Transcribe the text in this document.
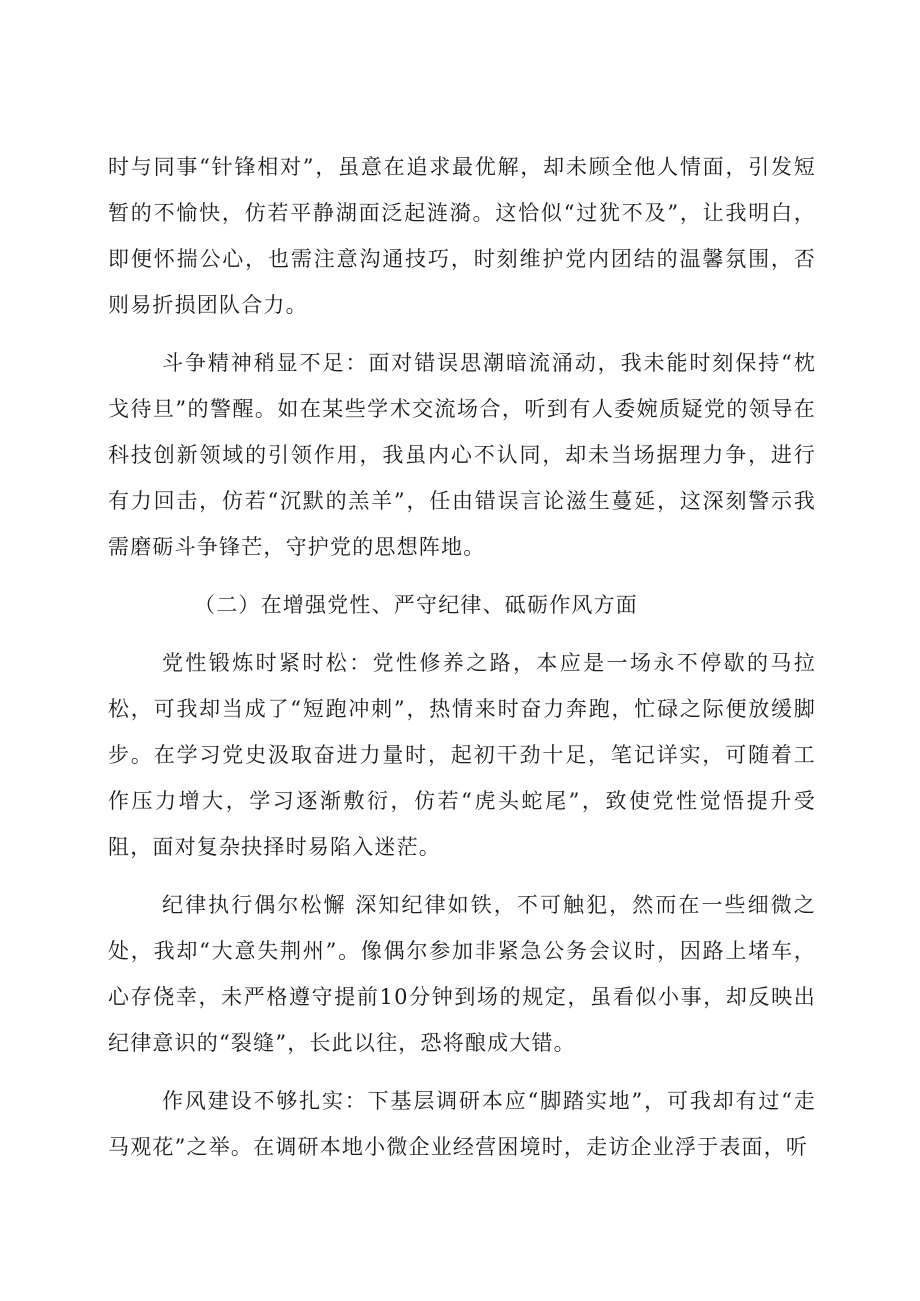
时与同事“针锋相对”，虽意在追求最优解，却未顾全他人情面，引发短暂的不愉快，仿若平静湖面泛起涟漪。这恰似“过犹不及”，让我明白，即便怀揣公心，也需注意沟通技巧，时刻维护党内团结的温馨氛围，否则易折损团队合力。

斗争精神稍显不足：面对错误思潮暗流涌动，我未能时刻保持“枕戈待旦”的警醒。如在某些学术交流场合，听到有人委婉质疑党的领导在科技创新领域的引领作用，我虽内心不认同，却未当场据理力争，进行有力回击，仿若“沉默的羔羊”，任由错误言论滋生蔓延，这深刻警示我需磨砺斗争锋芒，守护党的思想阵地。

（二）在增强党性、严守纪律、砥砺作风方面

党性锻炼时紧时松：党性修养之路，本应是一场永不停歇的马拉松，可我却当成了“短跑冲刺”，热情来时奋力奔跑，忙碌之际便放缓脚步。在学习党史汲取奋进力量时，起初干劲十足，笔记详实，可随着工作压力增大，学习逐渐敷衍，仿若“虎头蛇尾”，致使党性觉悟提升受阻，面对复杂抉择时易陷入迷茫。

纪律执行偶尔松懈 深知纪律如铁，不可触犯，然而在一些细微之处，我却“大意失荆州”。像偶尔参加非紧急公务会议时，因路上堵车，心存侥幸，未严格遵守提前10分钟到场的规定，虽看似小事，却反映出纪律意识的“裂缝”，长此以往，恐将酿成大错。

作风建设不够扎实：下基层调研本应“脚踏实地”，可我却有过“走马观花”之举。在调研本地小微企业经营困境时，走访企业浮于表面，听
